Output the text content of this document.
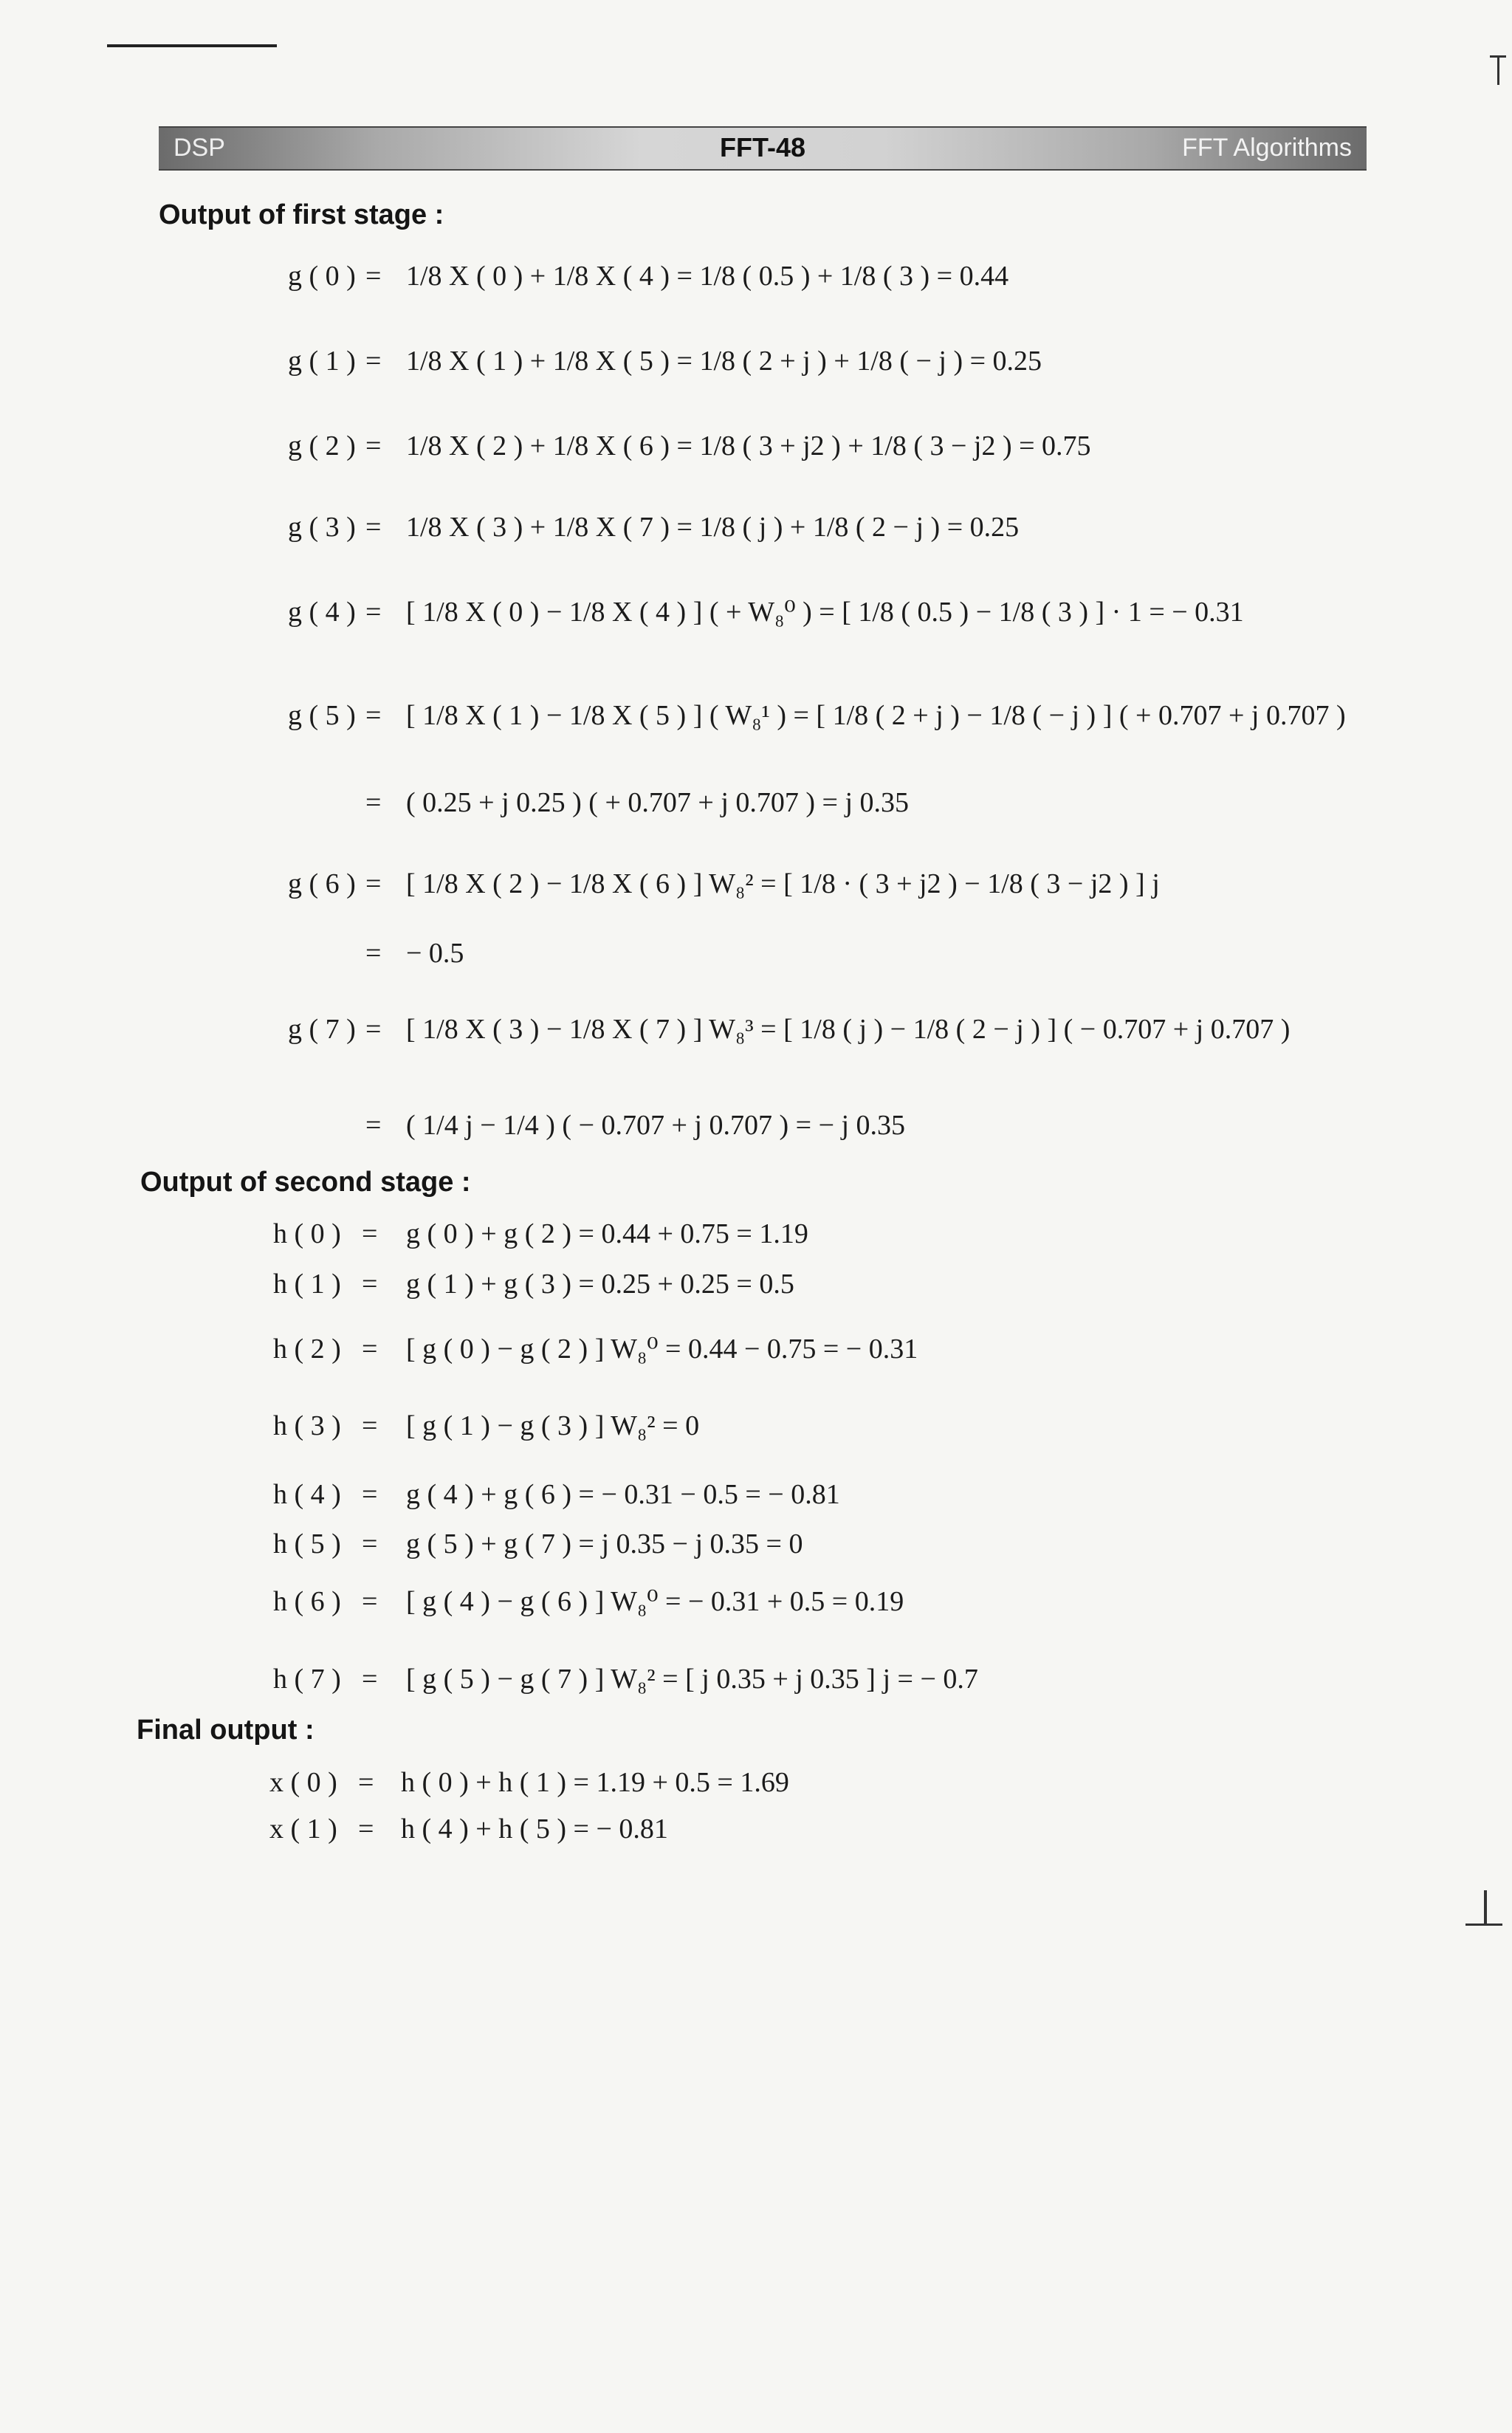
DSP	FFT-48	FFT Algorithms
Output of first stage :
g ( 0 ) = 1/8 X ( 0 ) + 1/8 X ( 4 ) = 1/8 ( 0.5 ) + 1/8 ( 3 ) = 0.44
g ( 1 ) = 1/8 X ( 1 ) + 1/8 X ( 5 ) = 1/8 ( 2 + j ) + 1/8 ( − j ) = 0.25
g ( 2 ) = 1/8 X ( 2 ) + 1/8 X ( 6 ) = 1/8 ( 3 + j2 ) + 1/8 ( 3 − j2 ) = 0.75
g ( 3 ) = 1/8 X ( 3 ) + 1/8 X ( 7 ) = 1/8 ( j ) + 1/8 ( 2 − j ) = 0.25
g ( 4 ) = [ 1/8 X ( 0 ) − 1/8 X ( 4 ) ] ( + W₈⁰ ) = [ 1/8 ( 0.5 ) − 1/8 ( 3 ) ] · 1 = − 0.31
g ( 5 ) = [ 1/8 X ( 1 ) − 1/8 X ( 5 ) ] ( W₈¹ ) = [ 1/8 ( 2 + j ) − 1/8 ( − j ) ] ( + 0.707 + j 0.707 )
= ( 0.25 + j 0.25 ) ( + 0.707 + j 0.707 ) = j 0.35
g ( 6 ) = [ 1/8 X ( 2 ) − 1/8 X ( 6 ) ] W₈² = [ 1/8 · ( 3 + j2 ) − 1/8 ( 3 − j2 ) ] j
= − 0.5
g ( 7 ) = [ 1/8 X ( 3 ) − 1/8 X ( 7 ) ] W₈³ = [ 1/8 ( j ) − 1/8 ( 2 − j ) ] ( − 0.707 + j 0.707 )
= ( 1/4 j − 1/4 ) ( − 0.707 + j 0.707 ) = − j 0.35
Output of second stage :
h ( 0 ) = g ( 0 ) + g ( 2 ) = 0.44 + 0.75 = 1.19
h ( 1 ) = g ( 1 ) + g ( 3 ) = 0.25 + 0.25 = 0.5
h ( 2 ) = [ g ( 0 ) − g ( 2 ) ] W₈⁰ = 0.44 − 0.75 = − 0.31
h ( 3 ) = [ g ( 1 ) − g ( 3 ) ] W₈² = 0
h ( 4 ) = g ( 4 ) + g ( 6 ) = − 0.31 − 0.5 = − 0.81
h ( 5 ) = g ( 5 ) + g ( 7 ) = j 0.35 − j 0.35 = 0
h ( 6 ) = [ g ( 4 ) − g ( 6 ) ] W₈⁰ = − 0.31 + 0.5 = 0.19
h ( 7 ) = [ g ( 5 ) − g ( 7 ) ] W₈² = [ j 0.35 + j 0.35 ] j = − 0.7
Final output :
x ( 0 ) = h ( 0 ) + h ( 1 ) = 1.19 + 0.5 = 1.69
x ( 1 ) = h ( 4 ) + h ( 5 ) = − 0.81
